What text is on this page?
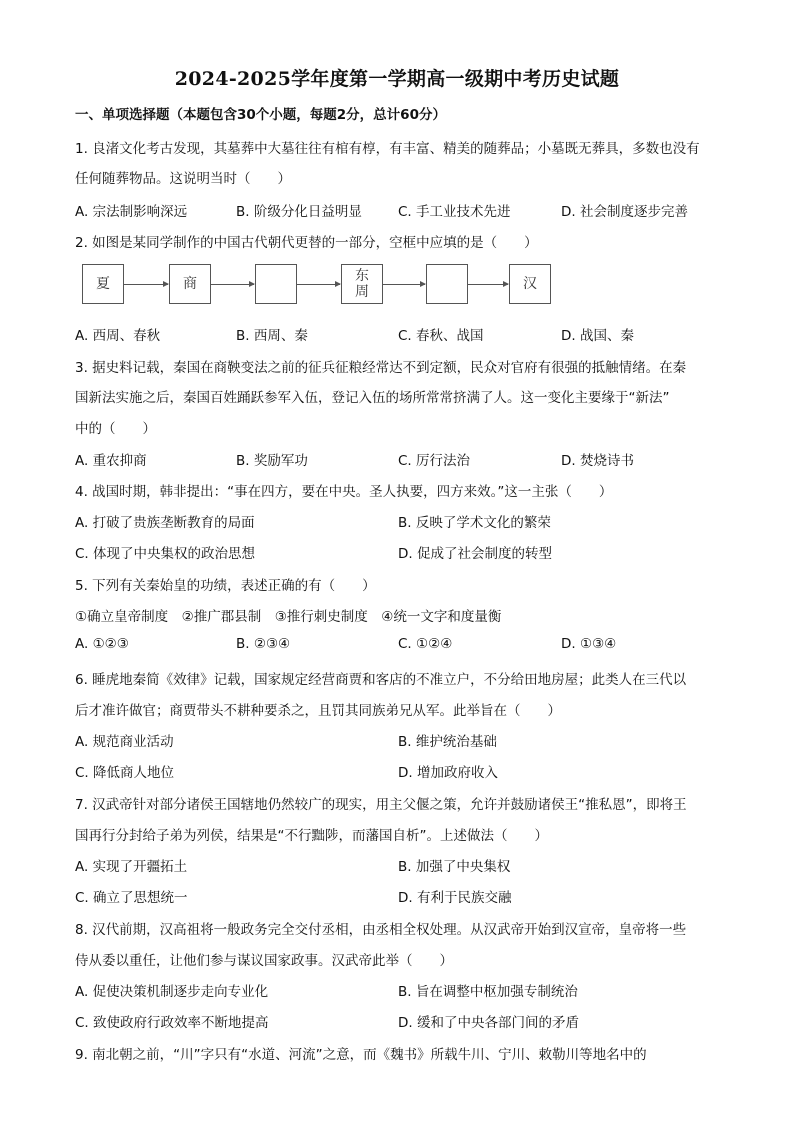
2024-2025学年度第一学期高一级期中考历史试题
一、单项选择题（本题包含30个小题，每题2分，总计60分）
1. 良渚文化考古发现，其墓葬中大墓往往有棺有椁，有丰富、精美的随葬品；小墓既无葬具，多数也没有
任何随葬物品。这说明当时（　　）
A. 宗法制影响深远	B. 阶级分化日益明显	C. 手工业技术先进	D. 社会制度逐步完善
2. 如图是某同学制作的中国古代朝代更替的一部分，空框中应填的是（　　）
夏	商	东
周	汉
A. 西周、春秋	B. 西周、秦	C. 春秋、战国	D. 战国、秦
3. 据史料记载，秦国在商鞅变法之前的征兵征粮经常达不到定额，民众对官府有很强的抵触情绪。在秦
国新法实施之后，秦国百姓踊跃参军入伍，登记入伍的场所常常挤满了人。这一变化主要缘于“新法”
中的（　　）
A. 重农抑商	B. 奖励军功	C. 厉行法治	D. 焚烧诗书
4. 战国时期，韩非提出：“事在四方，要在中央。圣人执要，四方来效。”这一主张（　　）
A. 打破了贵族垄断教育的局面	B. 反映了学术文化的繁荣
C. 体现了中央集权的政治思想	D. 促成了社会制度的转型
5. 下列有关秦始皇的功绩，表述正确的有（　　）
①确立皇帝制度　②推广郡县制　③推行刺史制度　④统一文字和度量衡
A. ①②③	B. ②③④	C. ①②④	D. ①③④
6. 睡虎地秦简《效律》记载，国家规定经营商贾和客店的不准立户，不分给田地房屋；此类人在三代以
后才准许做官；商贾带头不耕种要杀之，且罚其同族弟兄从军。此举旨在（　　）
A. 规范商业活动	B. 维护统治基础
C. 降低商人地位	D. 增加政府收入
7. 汉武帝针对部分诸侯王国辖地仍然较广的现实，用主父偃之策，允许并鼓励诸侯王“推私恩”，即将王
国再行分封给子弟为列侯，结果是“不行黜陟，而藩国自析”。上述做法（　　）
A. 实现了开疆拓土	B. 加强了中央集权
C. 确立了思想统一	D. 有利于民族交融
8. 汉代前期，汉高祖将一般政务完全交付丞相，由丞相全权处理。从汉武帝开始到汉宣帝，皇帝将一些
侍从委以重任，让他们参与谋议国家政事。汉武帝此举（　　）
A. 促使决策机制逐步走向专业化	B. 旨在调整中枢加强专制统治
C. 致使政府行政效率不断地提高	D. 缓和了中央各部门间的矛盾
9. 南北朝之前，“川”字只有“水道、河流”之意，而《魏书》所载牛川、宁川、敕勒川等地名中的
